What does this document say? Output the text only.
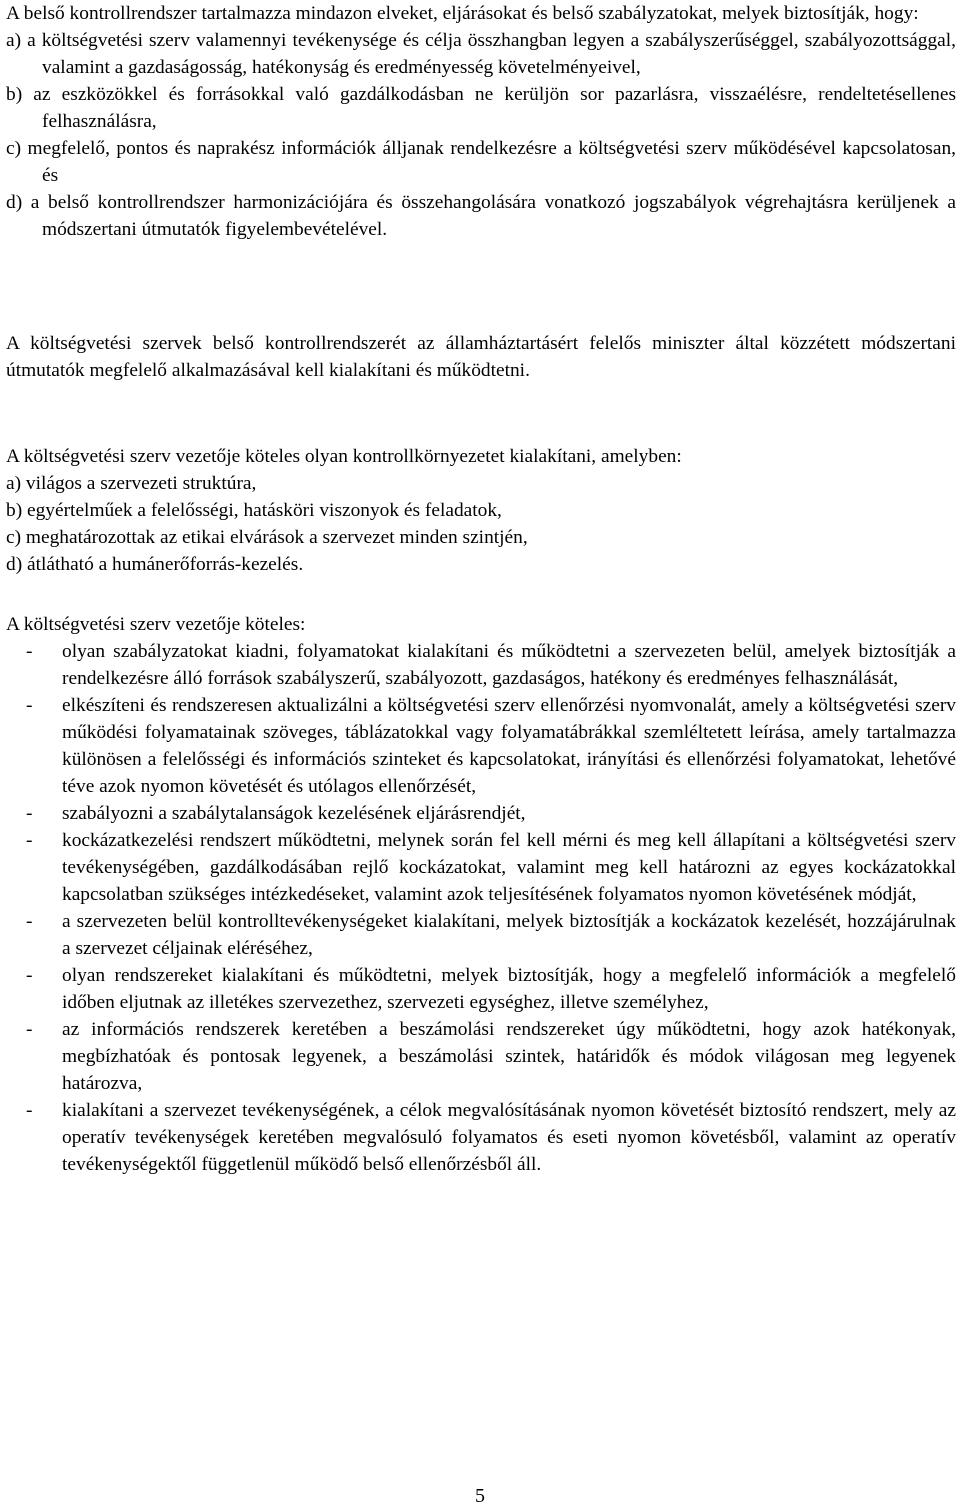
A belső kontrollrendszer tartalmazza mindazon elveket, eljárásokat és belső szabályzatokat, melyek biztosítják, hogy:

a) a költségvetési szerv valamennyi tevékenysége és célja összhangban legyen a szabályszerűséggel, szabályozottsággal, valamint a gazdaságosság, hatékonyság és eredményesség követelményeivel,

b) az eszközökkel és forrásokkal való gazdálkodásban ne kerüljön sor pazarlásra, visszaélésre, rendeltetésellenes felhasználásra,

c) megfelelő, pontos és naprakész információk álljanak rendelkezésre a költségvetési szerv működésével kapcsolatosan, és

d) a belső kontrollrendszer harmonizációjára és összehangolására vonatkozó jogszabályok végrehajtásra kerüljenek a módszertani útmutatók figyelembevételével.

A költségvetési szervek belső kontrollrendszerét az államháztartásért felelős miniszter által közzétett módszertani útmutatók megfelelő alkalmazásával kell kialakítani és működtetni.

A költségvetési szerv vezetője köteles olyan kontrollkörnyezetet kialakítani, amelyben:

a) világos a szervezeti struktúra,

b) egyértelműek a felelősségi, hatásköri viszonyok és feladatok,

c) meghatározottak az etikai elvárások a szervezet minden szintjén,

d) átlátható a humánerőforrás-kezelés.

A költségvetési szerv vezetője köteles:

- olyan szabályzatokat kiadni, folyamatokat kialakítani és működtetni a szervezeten belül, amelyek biztosítják a rendelkezésre álló források szabályszerű, szabályozott, gazdaságos, hatékony és eredményes felhasználását,
- elkészíteni és rendszeresen aktualizálni a költségvetési szerv ellenőrzési nyomvonalát, amely a költségvetési szerv működési folyamatainak szöveges, táblázatokkal vagy folyamatábrákkal szemléltetett leírása, amely tartalmazza különösen a felelősségi és információs szinteket és kapcsolatokat, irányítási és ellenőrzési folyamatokat, lehetővé téve azok nyomon követését és utólagos ellenőrzését,
- szabályozni a szabálytalanságok kezelésének eljárásrendjét,
- kockázatkezelési rendszert működtetni, melynek során fel kell mérni és meg kell állapítani a költségvetési szerv tevékenységében, gazdálkodásában rejlő kockázatokat, valamint meg kell határozni az egyes kockázatokkal kapcsolatban szükséges intézkedéseket, valamint azok teljesítésének folyamatos nyomon követésének módját,
- a szervezeten belül kontrolltevékenységeket kialakítani, melyek biztosítják a kockázatok kezelését, hozzájárulnak a szervezet céljainak eléréséhez,
- olyan rendszereket kialakítani és működtetni, melyek biztosítják, hogy a megfelelő információk a megfelelő időben eljutnak az illetékes szervezethez, szervezeti egységhez, illetve személyhez,
- az információs rendszerek keretében a beszámolási rendszereket úgy működtetni, hogy azok hatékonyak, megbízhatóak és pontosak legyenek, a beszámolási szintek, határidők és módok világosan meg legyenek határozva,
- kialakítani a szervezet tevékenységének, a célok megvalósításának nyomon követését biztosító rendszert, mely az operatív tevékenységek keretében megvalósuló folyamatos és eseti nyomon követésből, valamint az operatív tevékenységektől függetlenül működő belső ellenőrzésből áll.
5
